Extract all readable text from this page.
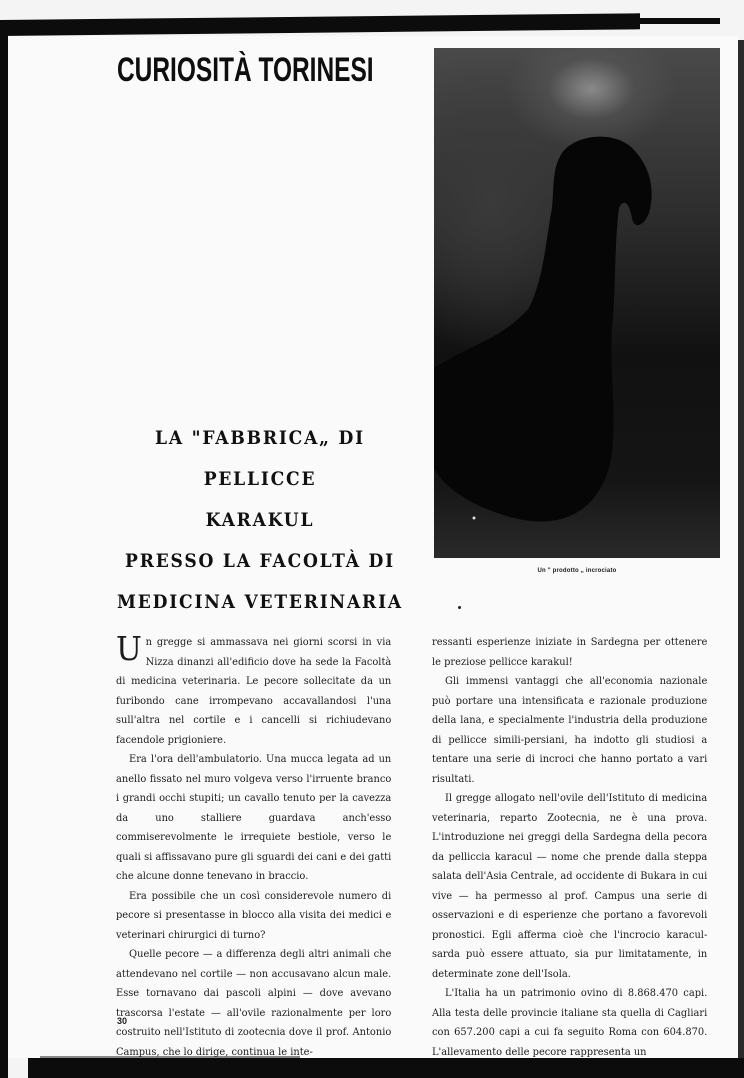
CURIOSITÀ TORINESI
Un " prodotto „ incrociato
LA "FABBRICA„ DI PELLICCE
KARAKUL
PRESSO LA FACOLTÀ DI
MEDICINA VETERINARIA

Un gregge si ammassava nei giorni scorsi in via Nizza dinanzi all'edificio dove ha sede la Facoltà di medicina veterinaria. Le pecore sollecitate da un furibondo cane irrompevano accavallandosi l'una sull'altra nel cortile e i cancelli si richiudevano facendole prigioniere.

Era l'ora dell'ambulatorio. Una mucca legata ad un anello fissato nel muro volgeva verso l'irruente branco i grandi occhi stupiti; un cavallo tenuto per la cavezza da uno stalliere guardava anch'esso commiserevolmente le irrequiete bestiole, verso le quali si affissavano pure gli sguardi dei cani e dei gatti che alcune donne tenevano in braccio.

Era possibile che un così considerevole numero di pecore si presentasse in blocco alla visita dei medici e veterinari chirurgici di turno?

Quelle pecore — a differenza degli altri animali che attendevano nel cortile — non accusavano alcun male. Esse tornavano dai pascoli alpini — dove avevano trascorsa l'estate — all'ovile razionalmente per loro costruito nell'Istituto di zootecnia dove il prof. Antonio Campus, che lo dirige, continua le inte-

ressanti esperienze iniziate in Sardegna per ottenere le preziose pellicce karakul!

Gli immensi vantaggi che all'economia nazionale può portare una intensificata e razionale produzione della lana, e specialmente l'industria della produzione di pellicce simili-persiani, ha indotto gli studiosi a tentare una serie di incroci che hanno portato a vari risultati.

Il gregge allogato nell'ovile dell'Istituto di medicina veterinaria, reparto Zootecnia, ne è una prova. L'introduzione nei greggi della Sardegna della pecora da pelliccia karacul — nome che prende dalla steppa salata dell'Asia Centrale, ad occidente di Bukara in cui vive — ha permesso al prof. Campus una serie di osservazioni e di esperienze che portano a favorevoli pronostici. Egli afferma cioè che l'incrocio karacul-sarda può essere attuato, sia pur limitatamente, in determinate zone dell'Isola.

L'Italia ha un patrimonio ovino di 8.868.470 capi. Alla testa delle provincie italiane sta quella di Cagliari con 657.200 capi a cui fa seguito Roma con 604.870. L'allevamento delle pecore rappresenta un

30
